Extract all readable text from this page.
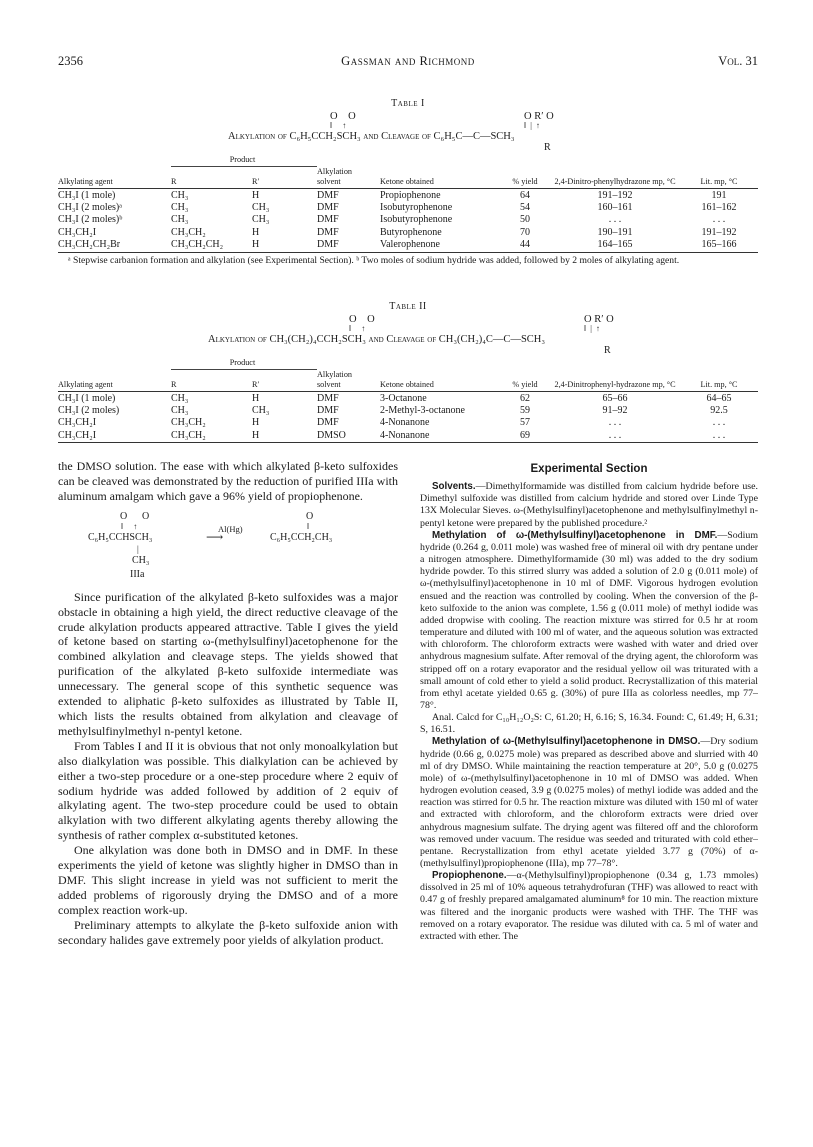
2356	Gassman and Richmond	Vol. 31
Table I
O    O
‖     ↑
O R′ O
‖  |  ↑
Alkylation of C₆H₅CCH₂SCH₃ and Cleavage of C₆H₅C—C—SCH₃
R
	Product						
Alkylating agent	R	R′	Alkylation solvent	Ketone obtained	% yield	2,4-Dinitro-phenylhydrazone mp, °C	Lit. mp, °C
CH₃I (1 mole)	CH₃	H	DMF	Propiophenone	64	191–192	191
CH₃I (2 moles)ᵃ	CH₃	CH₃	DMF	Isobutyrophenone	54	160–161	161–162
CH₃I (2 moles)ᵇ	CH₃	CH₃	DMF	Isobutyrophenone	50	. . .	. . .
CH₃CH₂I	CH₃CH₂	H	DMF	Butyrophenone	70	190–191	191–192
CH₃CH₂CH₂Br	CH₃CH₂CH₂	H	DMF	Valerophenone	44	164–165	165–166
ᵃ Stepwise carbanion formation and alkylation (see Experimental Section). ᵇ Two moles of sodium hydride was added, followed by 2 moles of alkylating agent.
Table II
O    O
‖     ↑
O R′ O
‖  |  ↑
Alkylation of CH₃(CH₂)₄CCH₂SCH₃ and Cleavage of CH₃(CH₂)₄C—C—SCH₃
R
	Product						
Alkylating agent	R	R′	Alkylation solvent	Ketone obtained	% yield	2,4-Dinitrophenyl-hydrazone mp, °C	Lit. mp, °C
CH₃I (1 mole)	CH₃	H	DMF	3-Octanone	62	65–66	64–65
CH₃I (2 moles)	CH₃	CH₃	DMF	2-Methyl-3-octanone	59	91–92	92.5
CH₃CH₂I	CH₃CH₂	H	DMF	4-Nonanone	57	. . .	. . .
CH₃CH₂I	CH₃CH₂	H	DMSO	4-Nonanone	69	. . .	. . .

the DMSO solution. The ease with which alkylated β-keto sulfoxides can be cleaved was demonstrated by the reduction of purified IIIa with aluminum amalgam which gave a 96% yield of propiophenone.

O O	O
‖     ↑	‖
C₆H₅CCHSCH₃
Al(Hg)
⟶	C₆H₅CCH₂CH₃
|
CH₃
IIIa

Since purification of the alkylated β-keto sulfoxides was a major obstacle in obtaining a high yield, the direct reductive cleavage of the crude alkylation products appeared attractive. Table I gives the yield of ketone based on starting ω-(methylsulfinyl)acetophenone for the combined alkylation and cleavage steps. The yields showed that purification of the alkylated β-keto sulfoxide intermediate was unnecessary. The general scope of this synthetic sequence was extended to aliphatic β-keto sulfoxides as illustrated by Table II, which lists the results obtained from alkylation and cleavage of methylsulfinylmethyl n-pentyl ketone.

From Tables I and II it is obvious that not only monoalkylation but also dialkylation was possible. This dialkylation can be achieved by either a two-step procedure or a one-step procedure where 2 equiv of sodium hydride was added followed by addition of 2 equiv of alkylating agent. The two-step procedure could be used to obtain alkylation with two different alkylating agents thereby allowing the synthesis of rather complex α-substituted ketones.

One alkylation was done both in DMSO and in DMF. In these experiments the yield of ketone was slightly higher in DMSO than in DMF. This slight increase in yield was not sufficient to merit the added problems of rigorously drying the DMSO and of a more complex reaction work-up.

Preliminary attempts to alkylate the β-keto sulfoxide anion with secondary halides gave extremely poor yields of alkylation product.

Experimental Section

Solvents.—Dimethylformamide was distilled from calcium hydride before use. Dimethyl sulfoxide was distilled from calcium hydride and stored over Linde Type 13X Molecular Sieves. ω-(Methylsulfinyl)acetophenone and methylsulfinylmethyl n-pentyl ketone were prepared by the published procedure.²

Methylation of ω-(Methylsulfinyl)acetophenone in DMF.—Sodium hydride (0.264 g, 0.011 mole) was washed free of mineral oil with dry pentane under a nitrogen atmosphere. Dimethylformamide (30 ml) was added to the dry sodium hydride powder. To this stirred slurry was added a solution of 2.0 g (0.011 mole) of ω-(methylsulfinyl)acetophenone in 10 ml of DMF. Vigorous hydrogen evolution ensued and the reaction was controlled by cooling. When the conversion of the β-keto sulfoxide to the anion was complete, 1.56 g (0.011 mole) of methyl iodide was added dropwise with cooling. The reaction mixture was stirred for 0.5 hr at room temperature and diluted with 100 ml of water, and the aqueous solution was extracted with chloroform. The chloroform extracts were washed with water and dried over anhydrous magnesium sulfate. After removal of the drying agent, the chloroform was stripped off on a rotary evaporator and the residual yellow oil was triturated with a small amount of cold ether to yield a solid product. Recrystallization of this material from ethyl acetate yielded 0.65 g. (30%) of pure IIIa as colorless needles, mp 77–78°.

Anal. Calcd for C₁₀H₁₂O₂S: C, 61.20; H, 6.16; S, 16.34. Found: C, 61.49; H, 6.31; S, 16.51.

Methylation of ω-(Methylsulfinyl)acetophenone in DMSO.—Dry sodium hydride (0.66 g, 0.0275 mole) was prepared as described above and slurried with 40 ml of dry DMSO. While maintaining the reaction temperature at 20°, 5.0 g (0.0275 mole) of ω-(methylsulfinyl)acetophenone in 10 ml of DMSO was added. When hydrogen evolution ceased, 3.9 g (0.0275 moles) of methyl iodide was added and the reaction was stirred for 0.5 hr. The reaction mixture was diluted with 150 ml of water and extracted with chloroform, and the chloroform extracts were dried over anhydrous magnesium sulfate. The drying agent was filtered off and the chloroform was removed under vacuum. The residue was seeded and triturated with cold ether–pentane. Recrystallization from ethyl acetate yielded 3.77 g (70%) of α-(methylsulfinyl)propiophenone (IIIa), mp 77–78°.

Propiophenone.—α-(Methylsulfinyl)propiophenone (0.34 g, 1.73 mmoles) dissolved in 25 ml of 10% aqueous tetrahydrofuran (THF) was allowed to react with 0.47 g of freshly prepared amalgamated aluminum⁸ for 10 min. The reaction mixture was filtered and the inorganic products were washed with THF. The THF was removed on a rotary evaporator. The residue was diluted with ca. 5 ml of water and extracted with ether. The
